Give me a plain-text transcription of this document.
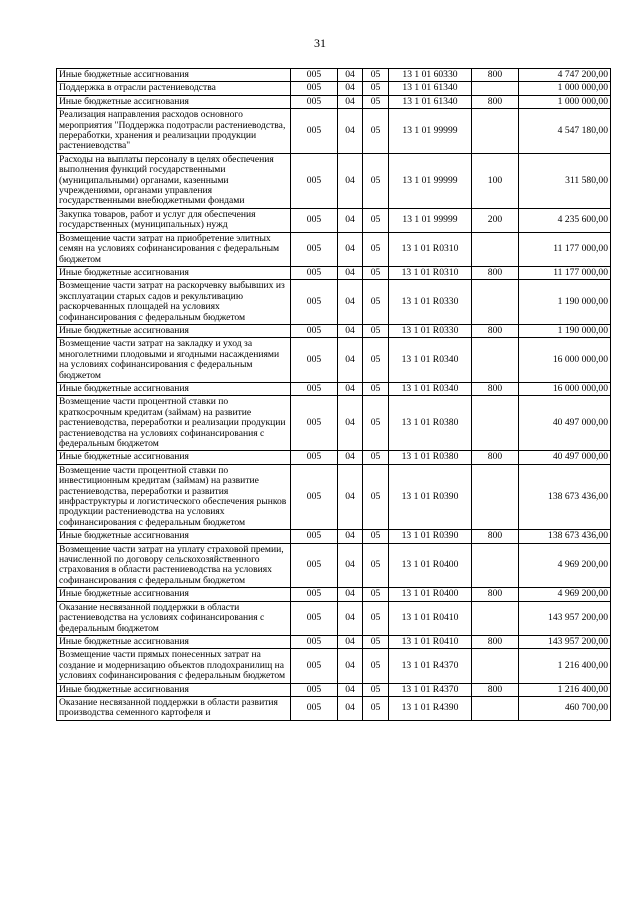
31
Иные бюджетные ассигнования	005	04	05	13 1 01 60330	800	4 747 200,00
Поддержка в отрасли растениеводства	005	04	05	13 1 01 61340		1 000 000,00
Иные бюджетные ассигнования	005	04	05	13 1 01 61340	800	1 000 000,00
Реализация направления расходов основного мероприятия "Поддержка подотрасли растениеводства, переработки, хранения и реализации продукции растениеводства"	005	04	05	13 1 01 99999		4 547 180,00
Расходы на выплаты персоналу в целях обеспечения выполнения функций государственными (муниципальными) органами, казенными учреждениями, органами управления государственными внебюджетными фондами	005	04	05	13 1 01 99999	100	311 580,00
Закупка товаров, работ и услуг для обеспечения государственных (муниципальных) нужд	005	04	05	13 1 01 99999	200	4 235 600,00
Возмещение части затрат на приобретение элитных семян на условиях софинансирования с федеральным бюджетом	005	04	05	13 1 01 R0310		11 177 000,00
Иные бюджетные ассигнования	005	04	05	13 1 01 R0310	800	11 177 000,00
Возмещение части затрат на раскорчевку выбывших из эксплуатации старых садов и рекультивацию раскорчеванных площадей на условиях софинансирования с федеральным бюджетом	005	04	05	13 1 01 R0330		1 190 000,00
Иные бюджетные ассигнования	005	04	05	13 1 01 R0330	800	1 190 000,00
Возмещение части затрат на закладку и уход за многолетними плодовыми и ягодными насаждениями на условиях софинансирования с федеральным бюджетом	005	04	05	13 1 01 R0340		16 000 000,00
Иные бюджетные ассигнования	005	04	05	13 1 01 R0340	800	16 000 000,00
Возмещение части процентной ставки по краткосрочным кредитам (займам) на развитие растениеводства, переработки и реализации продукции растениеводства на условиях софинансирования с федеральным бюджетом	005	04	05	13 1 01 R0380		40 497 000,00
Иные бюджетные ассигнования	005	04	05	13 1 01 R0380	800	40 497 000,00
Возмещение части процентной ставки по инвестиционным кредитам (займам) на развитие растениеводства, переработки и развития инфраструктуры и логистического обеспечения рынков продукции растениеводства на условиях софинансирования с федеральным бюджетом	005	04	05	13 1 01 R0390		138 673 436,00
Иные бюджетные ассигнования	005	04	05	13 1 01 R0390	800	138 673 436,00
Возмещение части затрат на уплату страховой премии, начисленной по договору сельскохозяйственного страхования в области растениеводства на условиях софинансирования с федеральным бюджетом	005	04	05	13 1 01 R0400		4 969 200,00
Иные бюджетные ассигнования	005	04	05	13 1 01 R0400	800	4 969 200,00
Оказание несвязанной поддержки в области растениеводства на условиях софинансирования с федеральным бюджетом	005	04	05	13 1 01 R0410		143 957 200,00
Иные бюджетные ассигнования	005	04	05	13 1 01 R0410	800	143 957 200,00
Возмещение части прямых понесенных затрат на создание и модернизацию объектов плодохранилищ на условиях софинансирования с федеральным бюджетом	005	04	05	13 1 01 R4370		1 216 400,00
Иные бюджетные ассигнования	005	04	05	13 1 01 R4370	800	1 216 400,00
Оказание несвязанной поддержки в области развития производства семенного картофеля и	005	04	05	13 1 01 R4390		460 700,00
